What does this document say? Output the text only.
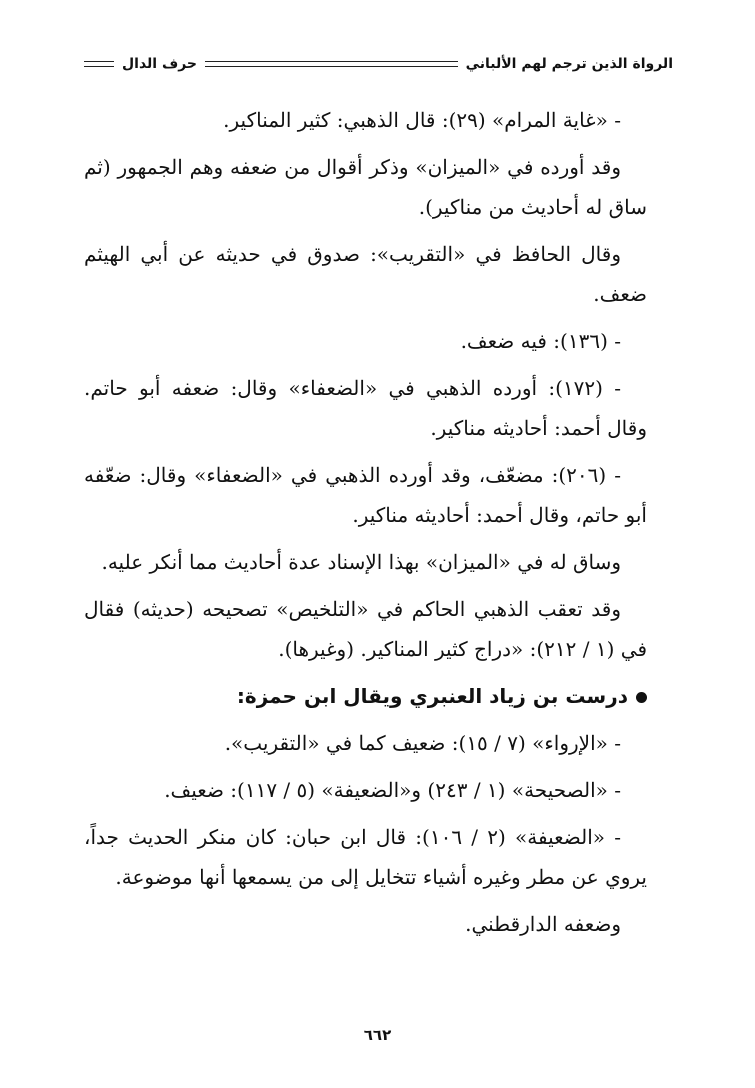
الرواة الذين ترجم لهم الألباني
حرف الدال

- «غاية المرام» (٢٩): قال الذهبي: كثير المناكير.

وقد أورده في «الميزان» وذكر أقوال من ضعفه وهم الجمهور (ثم ساق له أحاديث من مناكير).

وقال الحافظ في «التقريب»: صدوق في حديثه عن أبي الهيثم ضعف.

- (١٣٦): فيه ضعف.

- (١٧٢): أورده الذهبي في «الضعفاء» وقال: ضعفه أبو حاتم. وقال أحمد: أحاديثه مناكير.

- (٢٠٦): مضعّف، وقد أورده الذهبي في «الضعفاء» وقال: ضعّفه أبو حاتم، وقال أحمد: أحاديثه مناكير.

وساق له في «الميزان» بهذا الإسناد عدة أحاديث مما أنكر عليه.

وقد تعقب الذهبي الحاكم في «التلخيص» تصحيحه (حديثه) فقال في (١ / ٢١٢): «دراج كثير المناكير. (وغيرها).

درست بن زياد العنبري ويقال ابن حمزة:

- «الإرواء» (٧ / ١٥): ضعيف كما في «التقريب».

- «الصحيحة» (١ / ٢٤٣) و«الضعيفة» (٥ / ١١٧): ضعيف.

- «الضعيفة» (٢ / ١٠٦): قال ابن حبان: كان منكر الحديث جداً، يروي عن مطر وغيره أشياء تتخايل إلى من يسمعها أنها موضوعة.

وضعفه الدارقطني.

٦٦٢
